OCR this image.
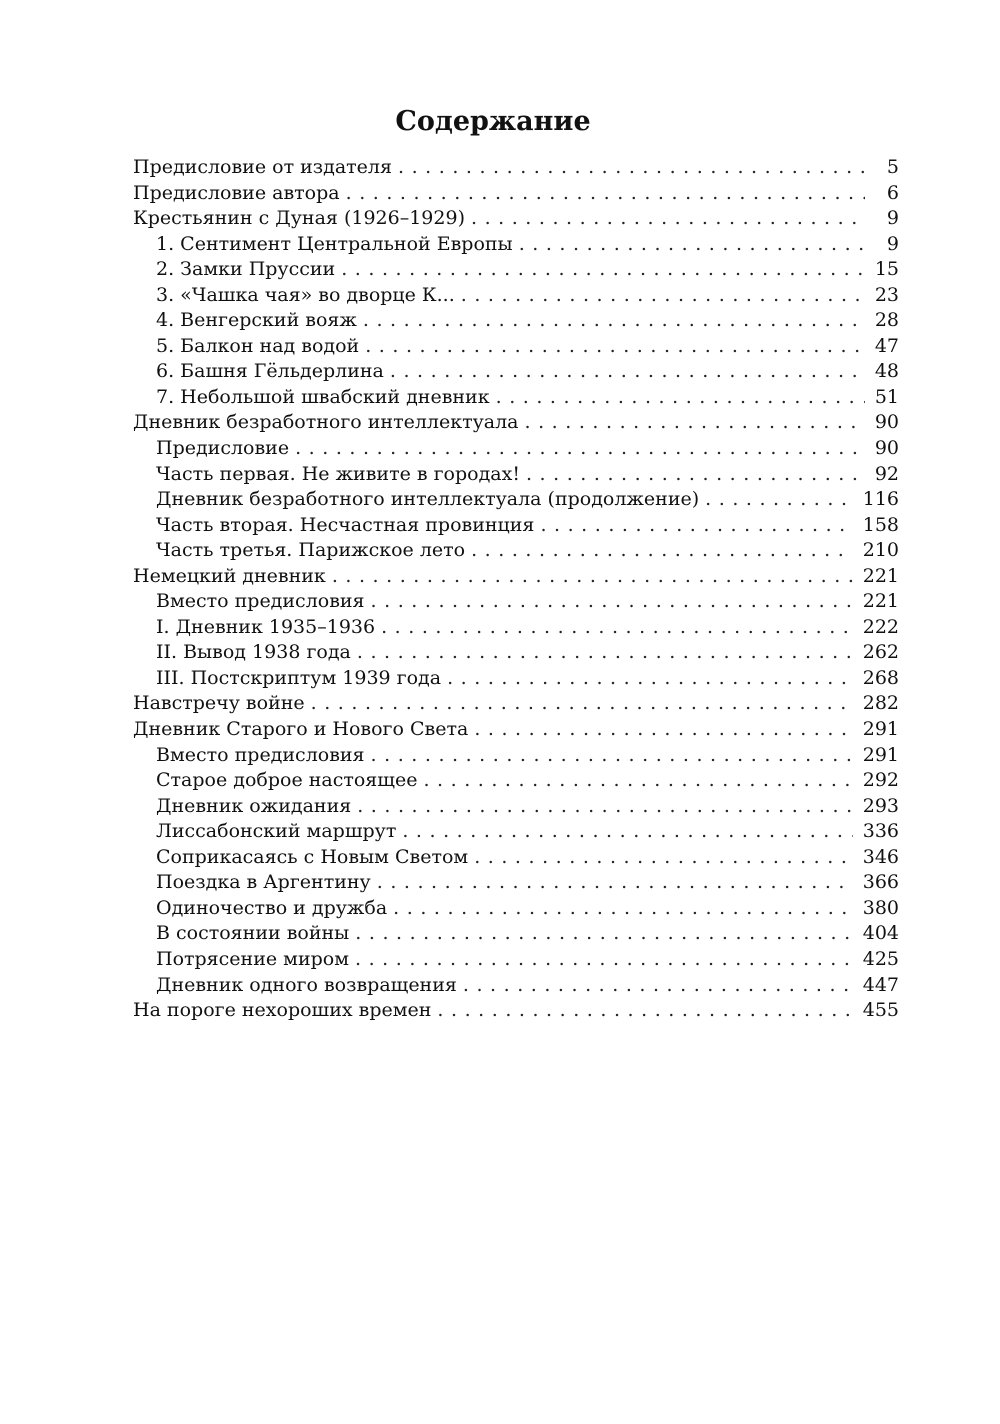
Содержание
Предисловие от издателя . . .	5
Предисловие автора . . .	6
Крестьянин с Дуная (1926–1929) . . .	9
1. Сентимент Центральной Европы . . .	9
2. Замки Пруссии . . .	15
3. «Чашка чая» во дворце К... . . .	23
4. Венгерский вояж . . .	28
5. Балкон над водой . . .	47
6. Башня Гёльдерлина . . .	48
7. Небольшой швабский дневник . . .	51
Дневник безработного интеллектуала . . .	90
Предисловие . . .	90
Часть первая. Не живите в городах! . . .	92
Дневник безработного интеллектуала (продолжение) . . .	116
Часть вторая. Несчастная провинция . . .	158
Часть третья. Парижское лето . . .	210
Немецкий дневник . . .	221
Вместо предисловия . . .	221
I. Дневник 1935–1936 . . .	222
II. Вывод 1938 года . . .	262
III. Постскриптум 1939 года . . .	268
Навстречу войне . . .	282
Дневник Старого и Нового Света . . .	291
Вместо предисловия . . .	291
Старое доброе настоящее . . .	292
Дневник ожидания . . .	293
Лиссабонский маршрут . . .	336
Соприкасаясь с Новым Светом . . .	346
Поездка в Аргентину . . .	366
Одиночество и дружба . . .	380
В состоянии войны . . .	404
Потрясение миром . . .	425
Дневник одного возвращения . . .	447
На пороге нехороших времен . . .	455
